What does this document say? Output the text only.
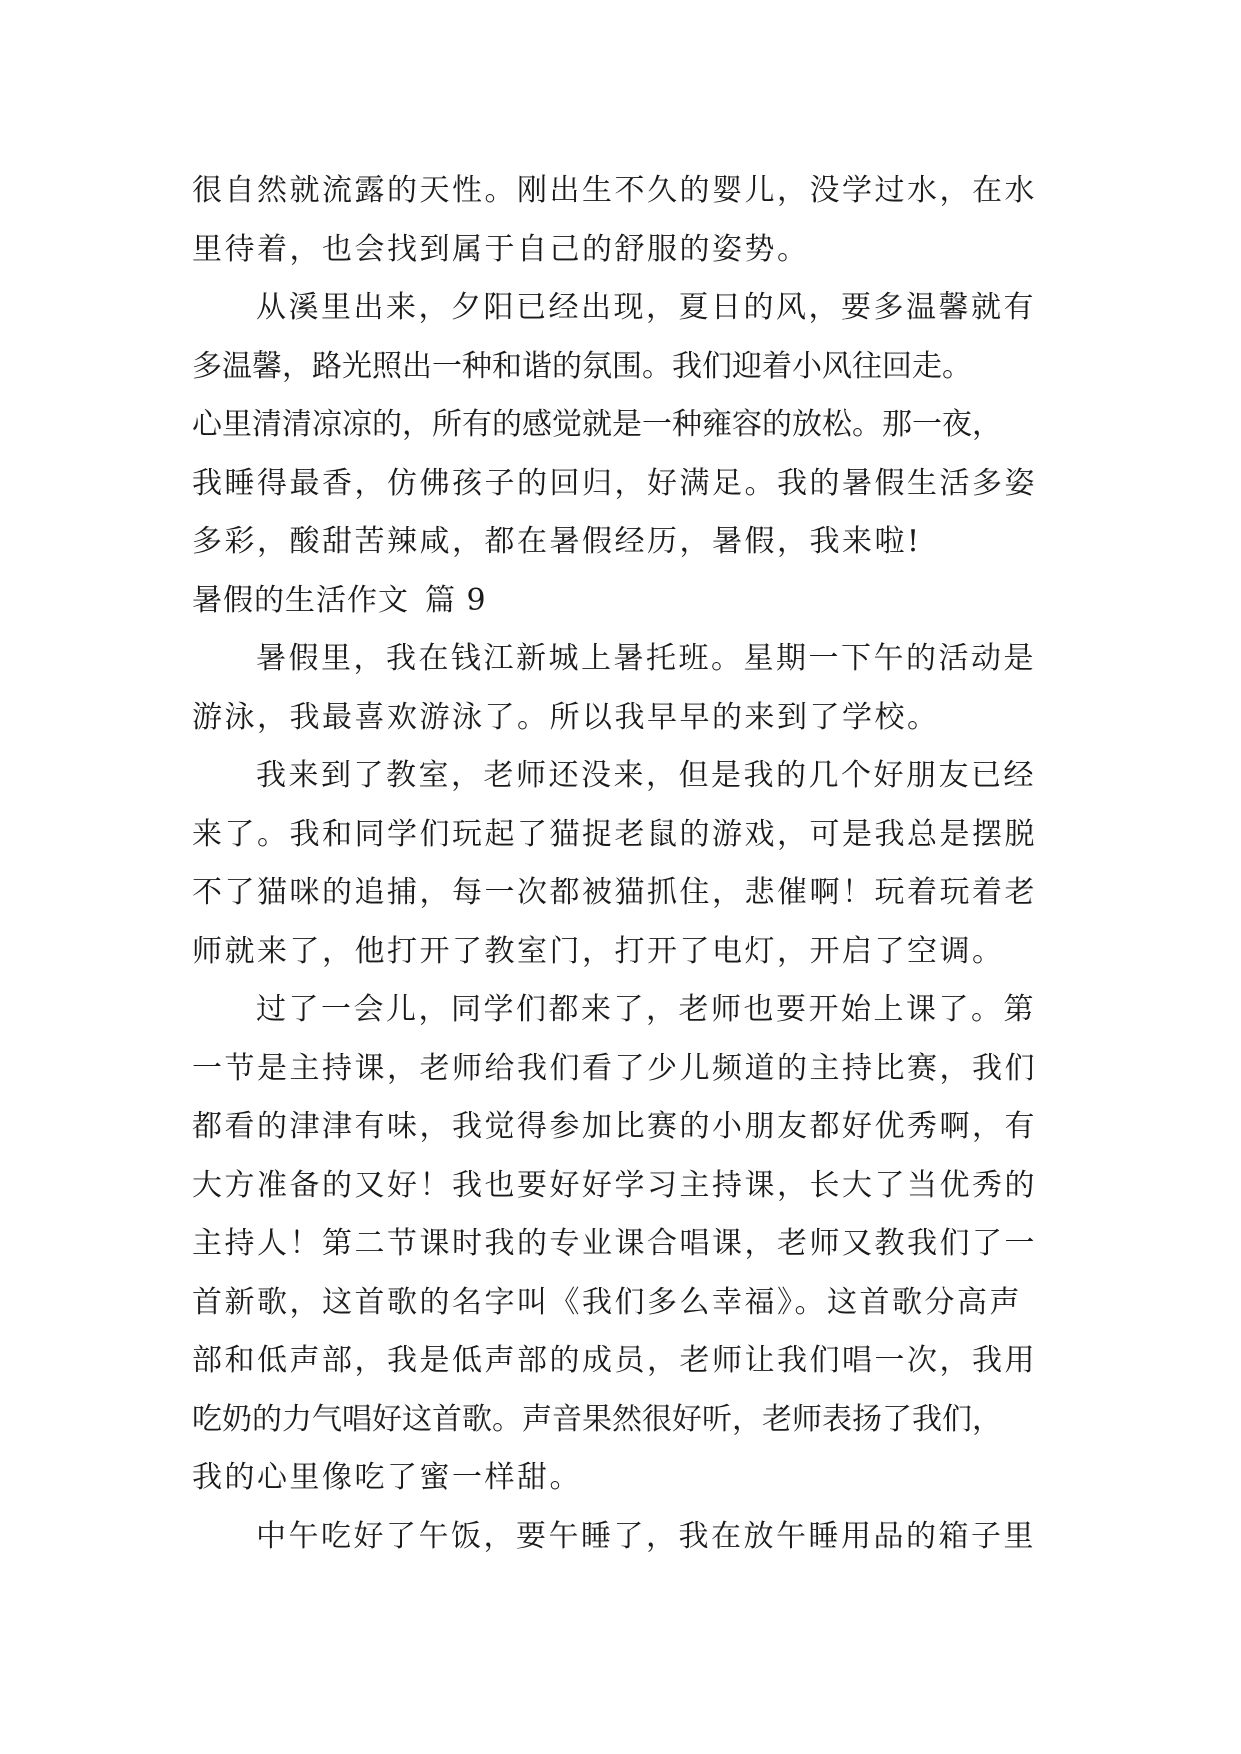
很自然就流露的天性。刚出生不久的婴儿，没学过水，在水
里待着，也会找到属于自己的舒服的姿势。
从溪里出来，夕阳已经出现，夏日的风，要多温馨就有
多温馨，路光照出一种和谐的氛围。我们迎着小风往回走。
心里清清凉凉的，所有的感觉就是一种雍容的放松。那一夜，
我睡得最香，仿佛孩子的回归，好满足。我的暑假生活多姿
多彩，酸甜苦辣咸，都在暑假经历，暑假，我来啦!
暑假的生活作文 篇 9
暑假里，我在钱江新城上暑托班。星期一下午的活动是
游泳，我最喜欢游泳了。所以我早早的来到了学校。
我来到了教室，老师还没来，但是我的几个好朋友已经
来了。我和同学们玩起了猫捉老鼠的游戏，可是我总是摆脱
不了猫咪的追捕，每一次都被猫抓住，悲催啊！玩着玩着老
师就来了，他打开了教室门，打开了电灯，开启了空调。
过了一会儿，同学们都来了，老师也要开始上课了。第
一节是主持课，老师给我们看了少儿频道的主持比赛，我们
都看的津津有味，我觉得参加比赛的小朋友都好优秀啊，有
大方准备的又好！我也要好好学习主持课，长大了当优秀的
主持人！第二节课时我的专业课合唱课，老师又教我们了一
首新歌，这首歌的名字叫《我们多么幸福》。这首歌分高声
部和低声部，我是低声部的成员，老师让我们唱一次，我用
吃奶的力气唱好这首歌。声音果然很好听，老师表扬了我们，
我的心里像吃了蜜一样甜。
中午吃好了午饭，要午睡了，我在放午睡用品的箱子里
